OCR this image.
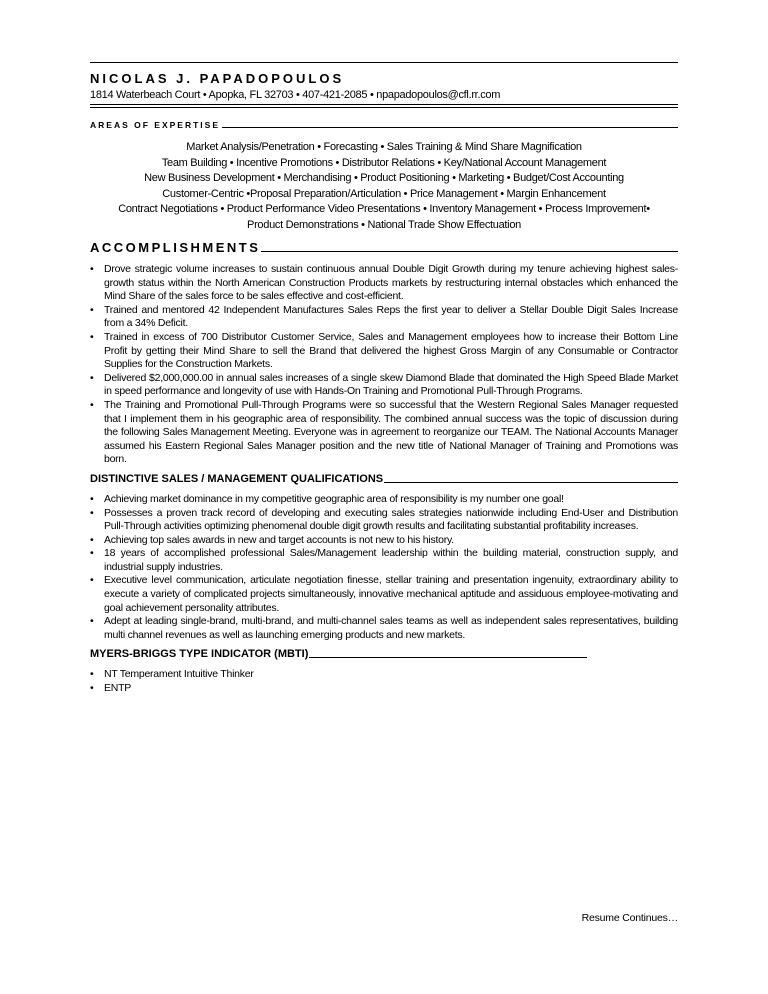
NICOLAS J. PAPADOPOULOS
1814 Waterbeach Court • Apopka, FL 32703 • 407-421-2085 • npapadopoulos@cfl.rr.com
AREAS OF EXPERTISE
Market Analysis/Penetration • Forecasting • Sales Training & Mind Share Magnification
Team Building • Incentive Promotions • Distributor Relations • Key/National Account Management
New Business Development • Merchandising • Product Positioning • Marketing • Budget/Cost Accounting
Customer-Centric •Proposal Preparation/Articulation • Price Management • Margin Enhancement
Contract Negotiations • Product Performance Video Presentations • Inventory Management • Process Improvement•
Product Demonstrations • National Trade Show Effectuation
ACCOMPLISHMENTS
• Drove strategic volume increases to sustain continuous annual Double Digit Growth during my tenure achieving highest sales-growth status within the North American Construction Products markets by restructuring internal obstacles which enhanced the Mind Share of the sales force to be sales effective and cost-efficient.
• Trained and mentored 42 Independent Manufactures Sales Reps the first year to deliver a Stellar Double Digit Sales Increase from a 34% Deficit.
• Trained in excess of 700 Distributor Customer Service, Sales and Management employees how to increase their Bottom Line Profit by getting their Mind Share to sell the Brand that delivered the highest Gross Margin of any Consumable or Contractor Supplies for the Construction Markets.
• Delivered $2,000,000.00 in annual sales increases of a single skew Diamond Blade that dominated the High Speed Blade Market in speed performance and longevity of use with Hands-On Training and Promotional Pull-Through Programs.
• The Training and Promotional Pull-Through Programs were so successful that the Western Regional Sales Manager requested that I implement them in his geographic area of responsibility. The combined annual success was the topic of discussion during the following Sales Management Meeting. Everyone was in agreement to reorganize our TEAM. The National Accounts Manager assumed his Eastern Regional Sales Manager position and the new title of National Manager of Training and Promotions was born.
DISTINCTIVE SALES / MANAGEMENT QUALIFICATIONS
• Achieving market dominance in my competitive geographic area of responsibility is my number one goal!
• Possesses a proven track record of developing and executing sales strategies nationwide including End-User and Distribution Pull-Through activities optimizing phenomenal double digit growth results and facilitating substantial profitability increases.
• Achieving top sales awards in new and target accounts is not new to his history.
• 18 years of accomplished professional Sales/Management leadership within the building material, construction supply, and industrial supply industries.
• Executive level communication, articulate negotiation finesse, stellar training and presentation ingenuity, extraordinary ability to execute a variety of complicated projects simultaneously, innovative mechanical aptitude and assiduous employee-motivating and goal achievement personality attributes.
• Adept at leading single-brand, multi-brand, and multi-channel sales teams as well as independent sales representatives, building multi channel revenues as well as launching emerging products and new markets.
MYERS-BRIGGS TYPE INDICATOR (MBTI)
• NT Temperament Intuitive Thinker
• ENTP
Resume Continues…
